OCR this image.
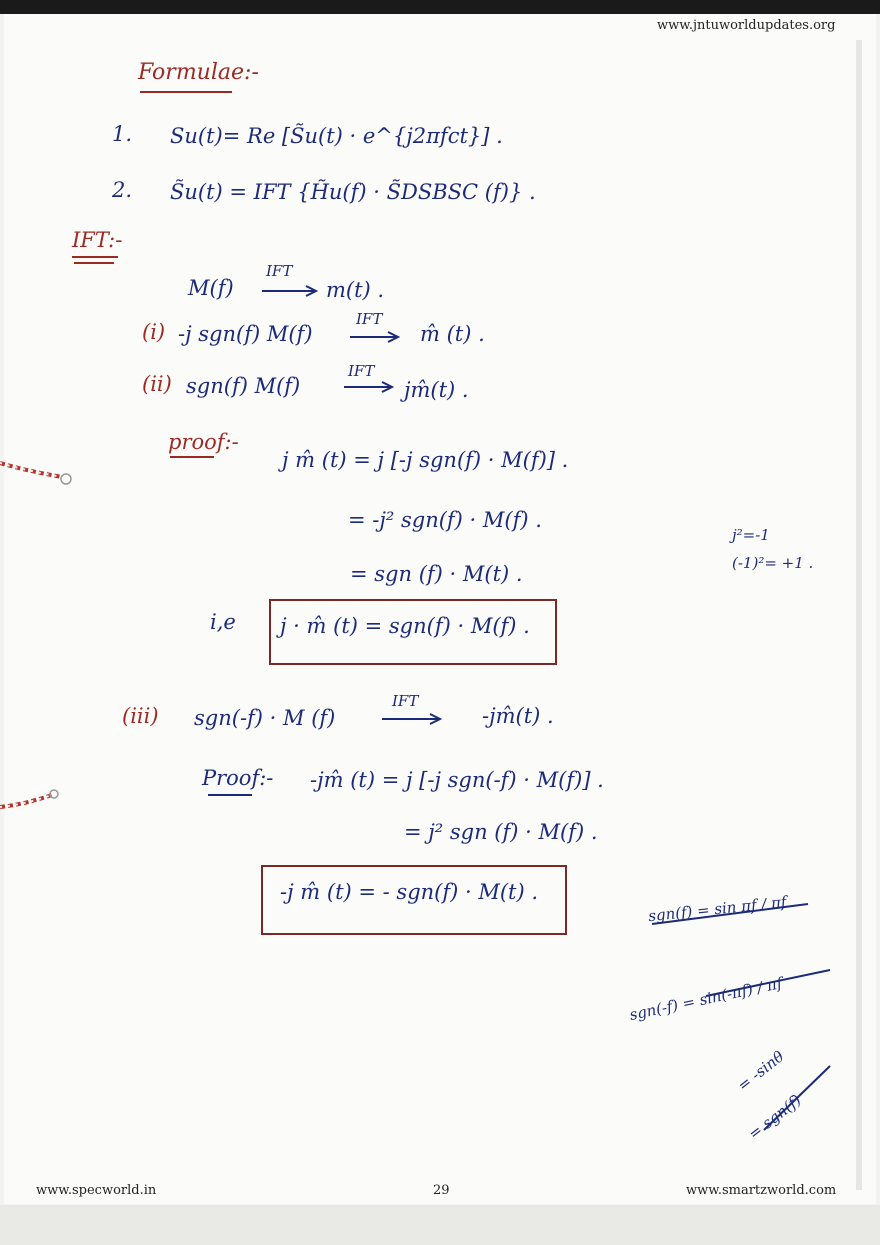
www.jntuworldupdates.org
www.specworld.in	29	www.smartzworld.com
Formulae:-
1. Su(t)= Re [S̃u(t) · e^{j2πfct}] .
2. S̃u(t) = IFT {H̃u(f) · S̃DSBSC (f)} .
IFT:-
M(f)
IFT
m(t) .
(i) -j sgn(f) M(f)
IFT
m̂ (t) .
(ii) sgn(f) M(f)
IFT
jm̂(t) .
proof:-
j m̂ (t) = j [-j sgn(f) · M(f)] .
= -j² sgn(f) · M(f) .
= sgn (f) · M(t) .
j²=-1
(-1)²= +1 .
i,e j · m̂ (t) = sgn(f) · M(f) .
(iii) sgn(-f) · M (f)
IFT
-jm̂(t) .
Proof:- -jm̂ (t) = j [-j sgn(-f) · M(f)] .
= j² sgn (f) · M(f) .
-j m̂ (t) = - sgn(f) · M(t) .
sgn(f) = sin πf / πf
sgn(-f) = sin(-πf) / πf
= -sinθ
= sgn(f)
